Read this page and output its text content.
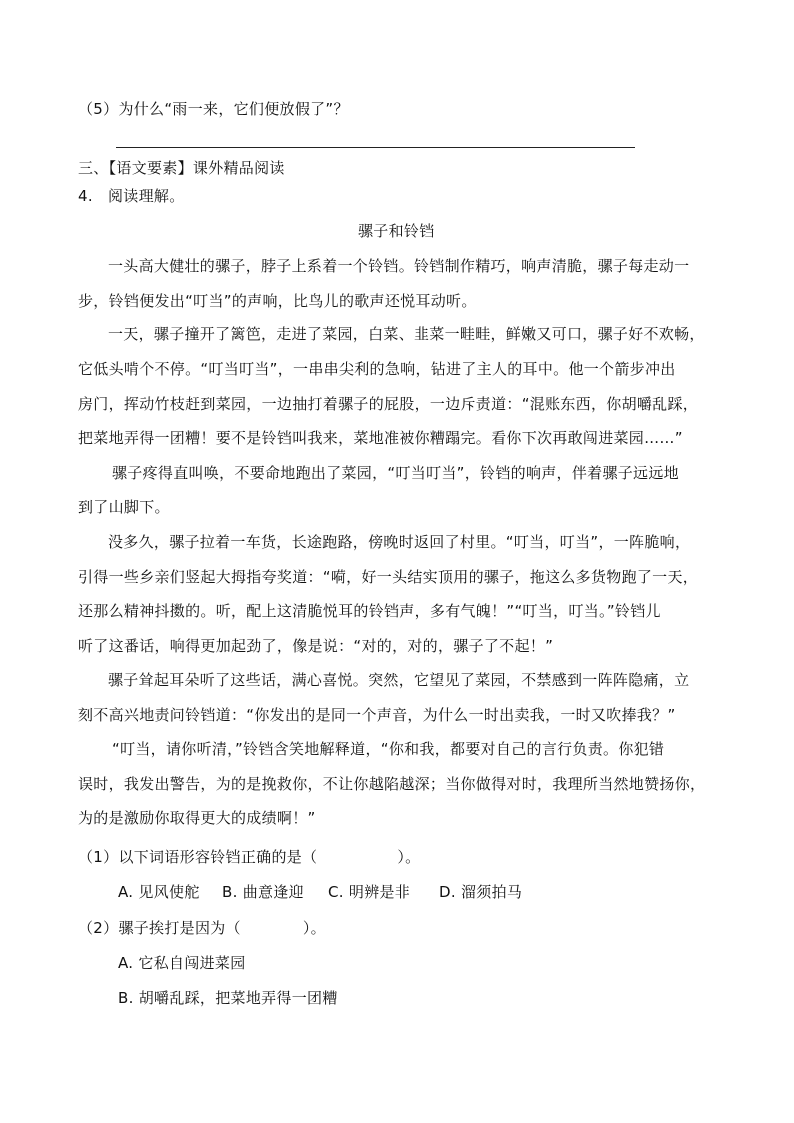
（5）为什么“雨一来，它们便放假了”？
三、【语文要素】课外精品阅读
4. 阅读理解。
骡子和铃铛
一头高大健壮的骡子，脖子上系着一个铃铛。铃铛制作精巧，响声清脆，骡子每走动一
步，铃铛便发出“叮当”的声响，比鸟儿的歌声还悦耳动听。
一天，骡子撞开了篱笆，走进了菜园，白菜、韭菜一畦畦，鲜嫩又可口，骡子好不欢畅，
它低头啃个不停。“叮当叮当”，一串串尖利的急响，钻进了主人的耳中。他一个箭步冲出
房门，挥动竹枝赶到菜园，一边抽打着骡子的屁股，一边斥责道：“混账东西，你胡嚼乱踩，
把菜地弄得一团糟！要不是铃铛叫我来，菜地准被你糟蹋完。看你下次再敢闯进菜园……”
骡子疼得直叫唤，不要命地跑出了菜园，“叮当叮当”，铃铛的响声，伴着骡子远远地
到了山脚下。
没多久，骡子拉着一车货，长途跑路，傍晚时返回了村里。“叮当，叮当”，一阵脆响，
引得一些乡亲们竖起大拇指夸奖道：“嗬，好一头结实顶用的骡子，拖这么多货物跑了一天，
还那么精神抖擞的。听，配上这清脆悦耳的铃铛声，多有气魄！”“叮当，叮当。”铃铛儿
听了这番话，响得更加起劲了，像是说：“对的，对的，骡子了不起！”
骡子耸起耳朵听了这些话，满心喜悦。突然，它望见了菜园，不禁感到一阵阵隐痛，立
刻不高兴地责问铃铛道：“你发出的是同一个声音，为什么一时出卖我，一时又吹捧我？”
“叮当，请你听清，”铃铛含笑地解释道，“你和我，都要对自己的言行负责。你犯错
误时，我发出警告，为的是挽救你，不让你越陷越深；当你做得对时，我理所当然地赞扬你，
为的是激励你取得更大的成绩啊！”
（1）以下词语形容铃铛正确的是（	）。
A. 见风使舵 B. 曲意逢迎 C. 明辨是非 D. 溜须拍马
（2）骡子挨打是因为（	）。
A. 它私自闯进菜园
B. 胡嚼乱踩，把菜地弄得一团糟
